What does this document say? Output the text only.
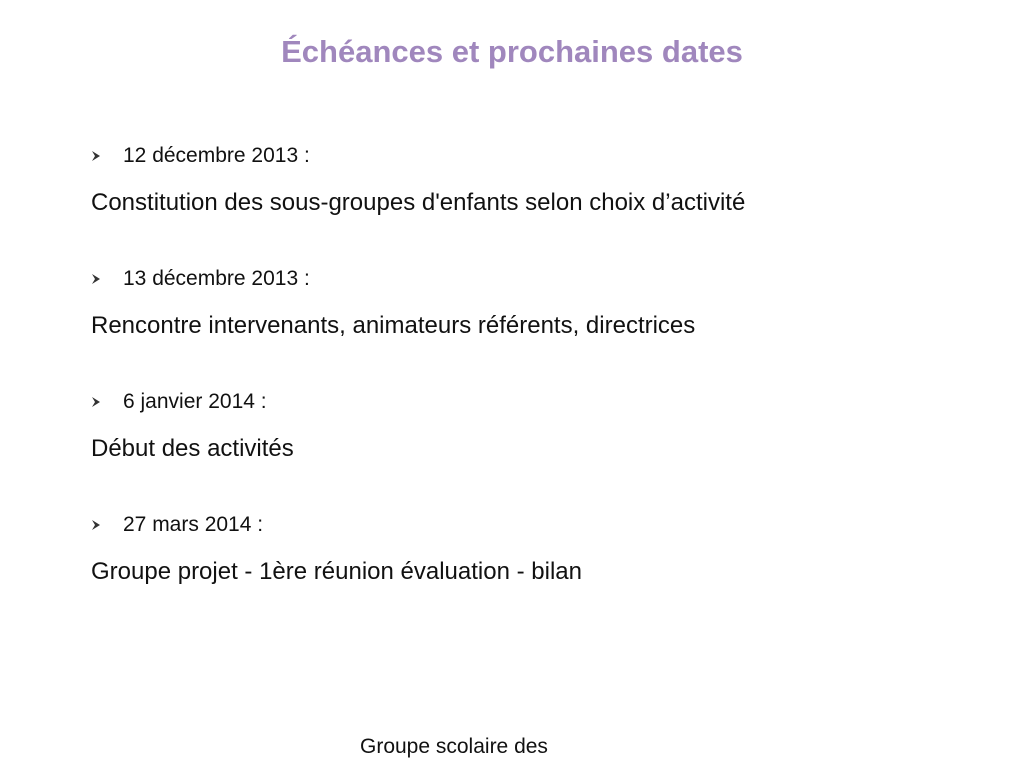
Échéances et prochaines dates
12 décembre 2013 :
Constitution des sous-groupes d'enfants selon choix d’activité
13 décembre 2013 :
Rencontre intervenants, animateurs référents, directrices
6 janvier 2014 :
Début des activités
27 mars 2014 :
Groupe projet - 1ère réunion évaluation - bilan
Groupe scolaire des
